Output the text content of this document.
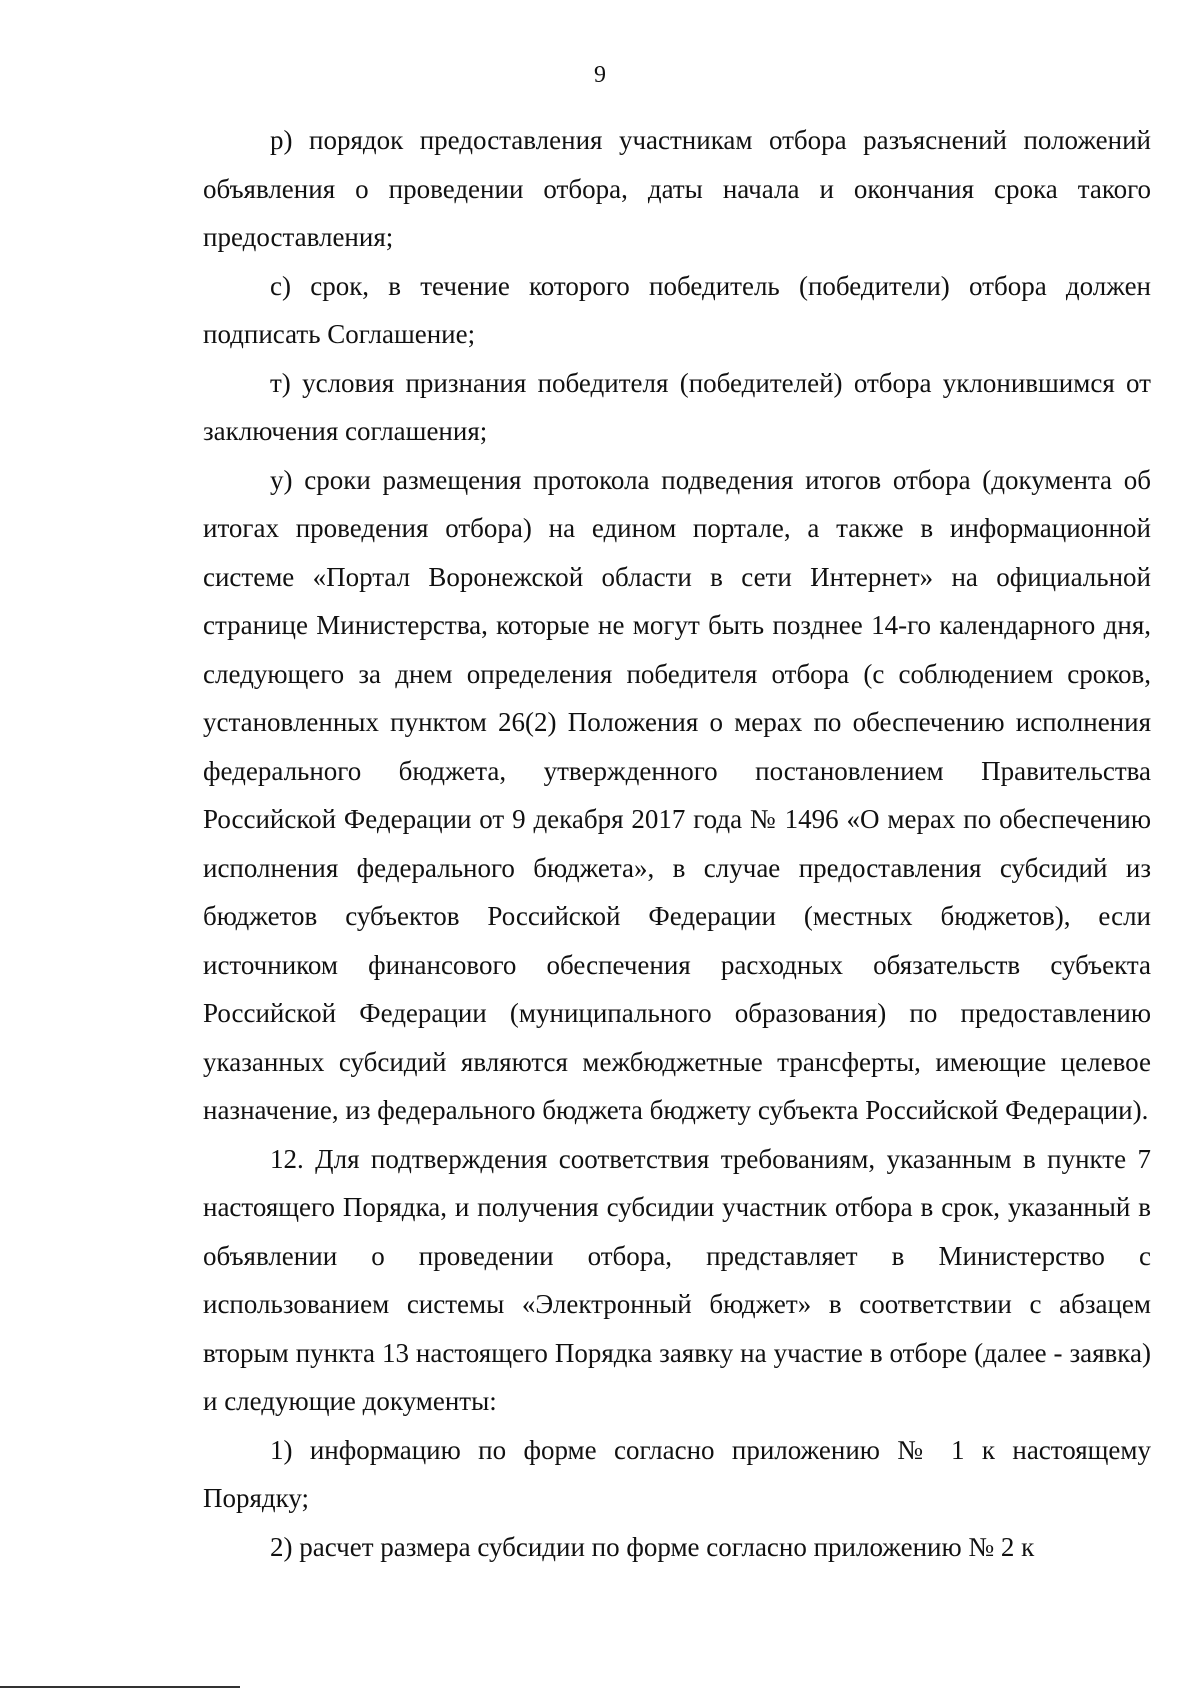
9

р) порядок предоставления участникам отбора разъяснений положений объявления о проведении отбора, даты начала и окончания срока такого предоставления;

с) срок, в течение которого победитель (победители) отбора должен подписать Соглашение;

т) условия признания победителя (победителей) отбора уклонившимся от заключения соглашения;

у) сроки размещения протокола подведения итогов отбора (документа об итогах проведения отбора) на едином портале, а также в информационной системе «Портал Воронежской области в сети Интернет» на официальной странице Министерства, которые не могут быть позднее 14-го календарного дня, следующего за днем определения победителя отбора (с соблюдением сроков, установленных пунктом 26(2) Положения о мерах по обеспечению исполнения федерального бюджета, утвержденного постановлением Правительства Российской Федерации от 9 декабря 2017 года № 1496 «О мерах по обеспечению исполнения федерального бюджета», в случае предоставления субсидий из бюджетов субъектов Российской Федерации (местных бюджетов), если источником финансового обеспечения расходных обязательств субъекта Российской Федерации (муниципального образования) по предоставлению указанных субсидий являются межбюджетные трансферты, имеющие целевое назначение, из федерального бюджета бюджету субъекта Российской Федерации).

12. Для подтверждения соответствия требованиям, указанным в пункте 7 настоящего Порядка, и получения субсидии участник отбора в срок, указанный в объявлении о проведении отбора, представляет в Министерство с использованием системы «Электронный бюджет» в соответствии с абзацем вторым пункта 13 настоящего Порядка заявку на участие в отборе (далее - заявка) и следующие документы:

1) информацию по форме согласно приложению № 1 к настоящему Порядку;

2) расчет размера субсидии по форме согласно приложению № 2 к
